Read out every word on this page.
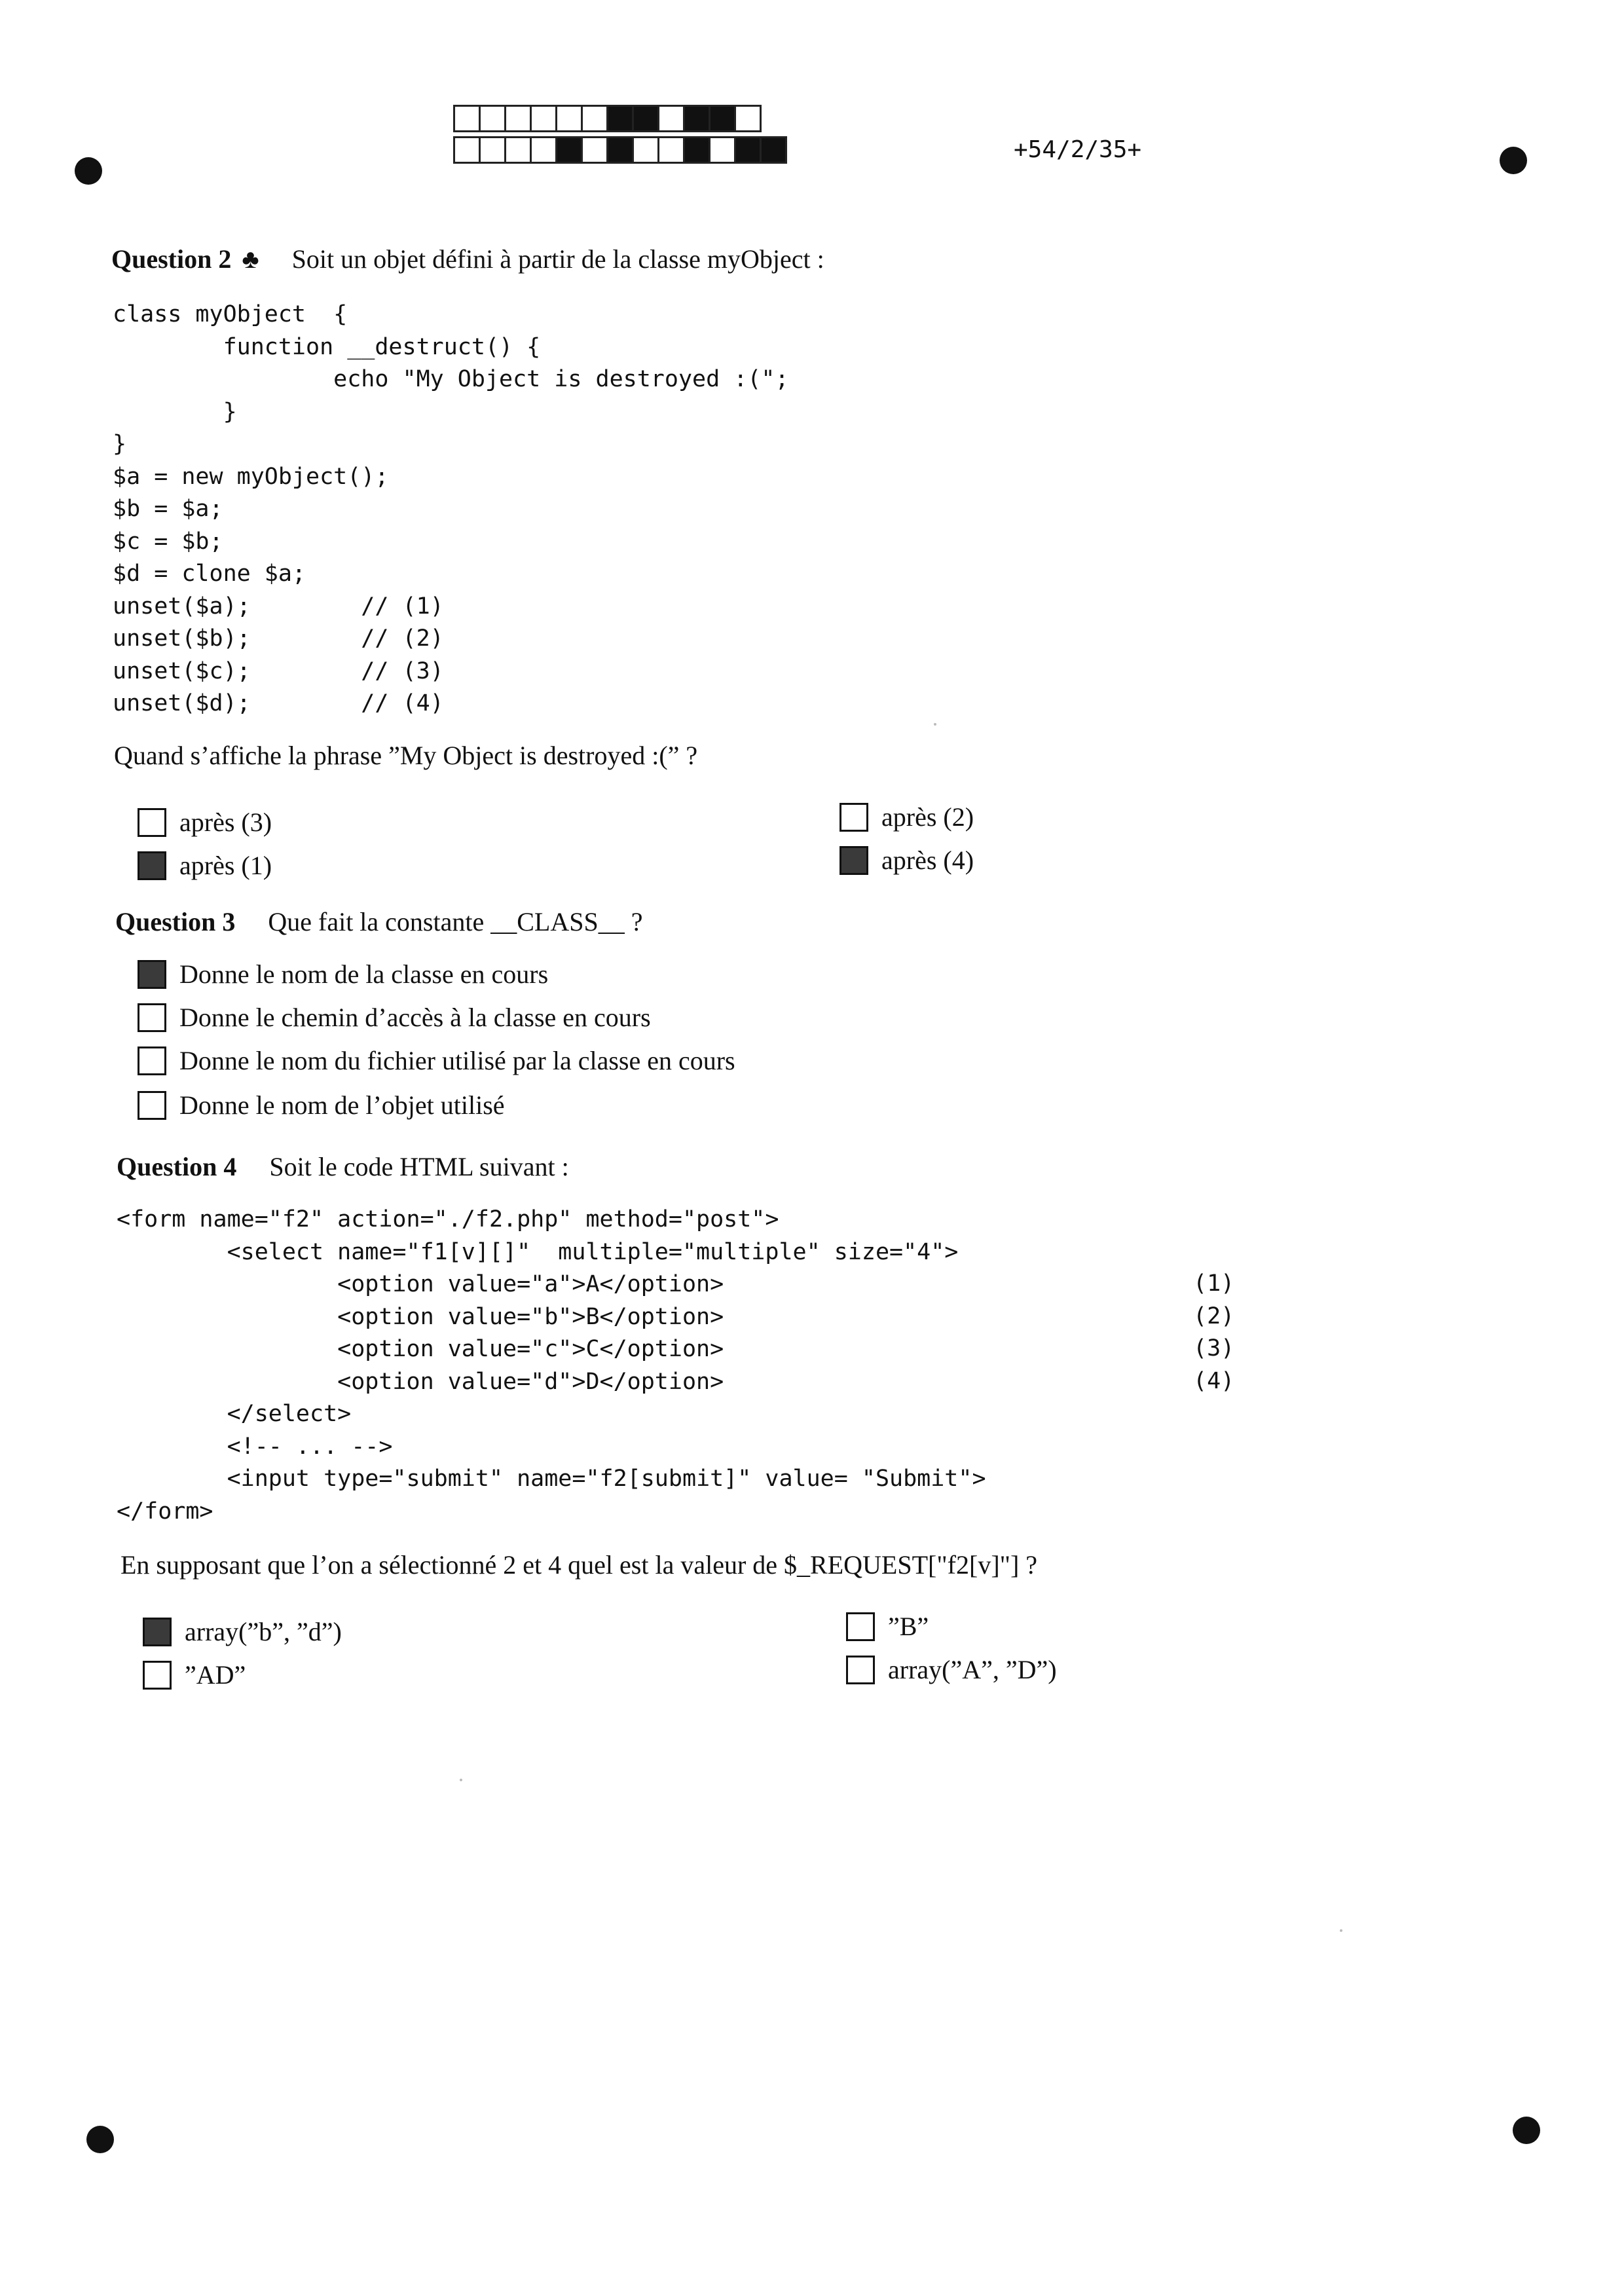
+54/2/35+
Question 2 ♣ Soit un objet défini à partir de la classe myObject :
class myObject  {
function __destruct() {
echo "My Object is destroyed :(";
}
}
$a = new myObject();
$b = $a;
$c = $b;
$d = clone $a;
unset($a);        // (1)
unset($b);        // (2)
unset($c);        // (3)
unset($d);        // (4)
Quand s’affiche la phrase ”My Object is destroyed :(” ?
après (3)
après (1)
après (2)
après (4)
Question 3 Que fait la constante __CLASS__ ?
Donne le nom de la classe en cours
Donne le chemin d’accès à la classe en cours
Donne le nom du fichier utilisé par la classe en cours
Donne le nom de l’objet utilisé
Question 4 Soit le code HTML suivant :
<form name="f2" action="./f2.php" method="post">
<select name="f1[v][]"  multiple="multiple" size="4">
<option value="a">A</option>
<option value="b">B</option>
<option value="c">C</option>
<option value="d">D</option>
</select>
<!-- ... -->
<input type="submit" name="f2[submit]" value= "Submit">
</form>
(1)
(2)
(3)
(4)
En supposant que l’on a sélectionné 2 et 4 quel est la valeur de $_REQUEST["f2[v]"] ?
array(”b”, ”d”)
”AD”
”B”
array(”A”, ”D”)
